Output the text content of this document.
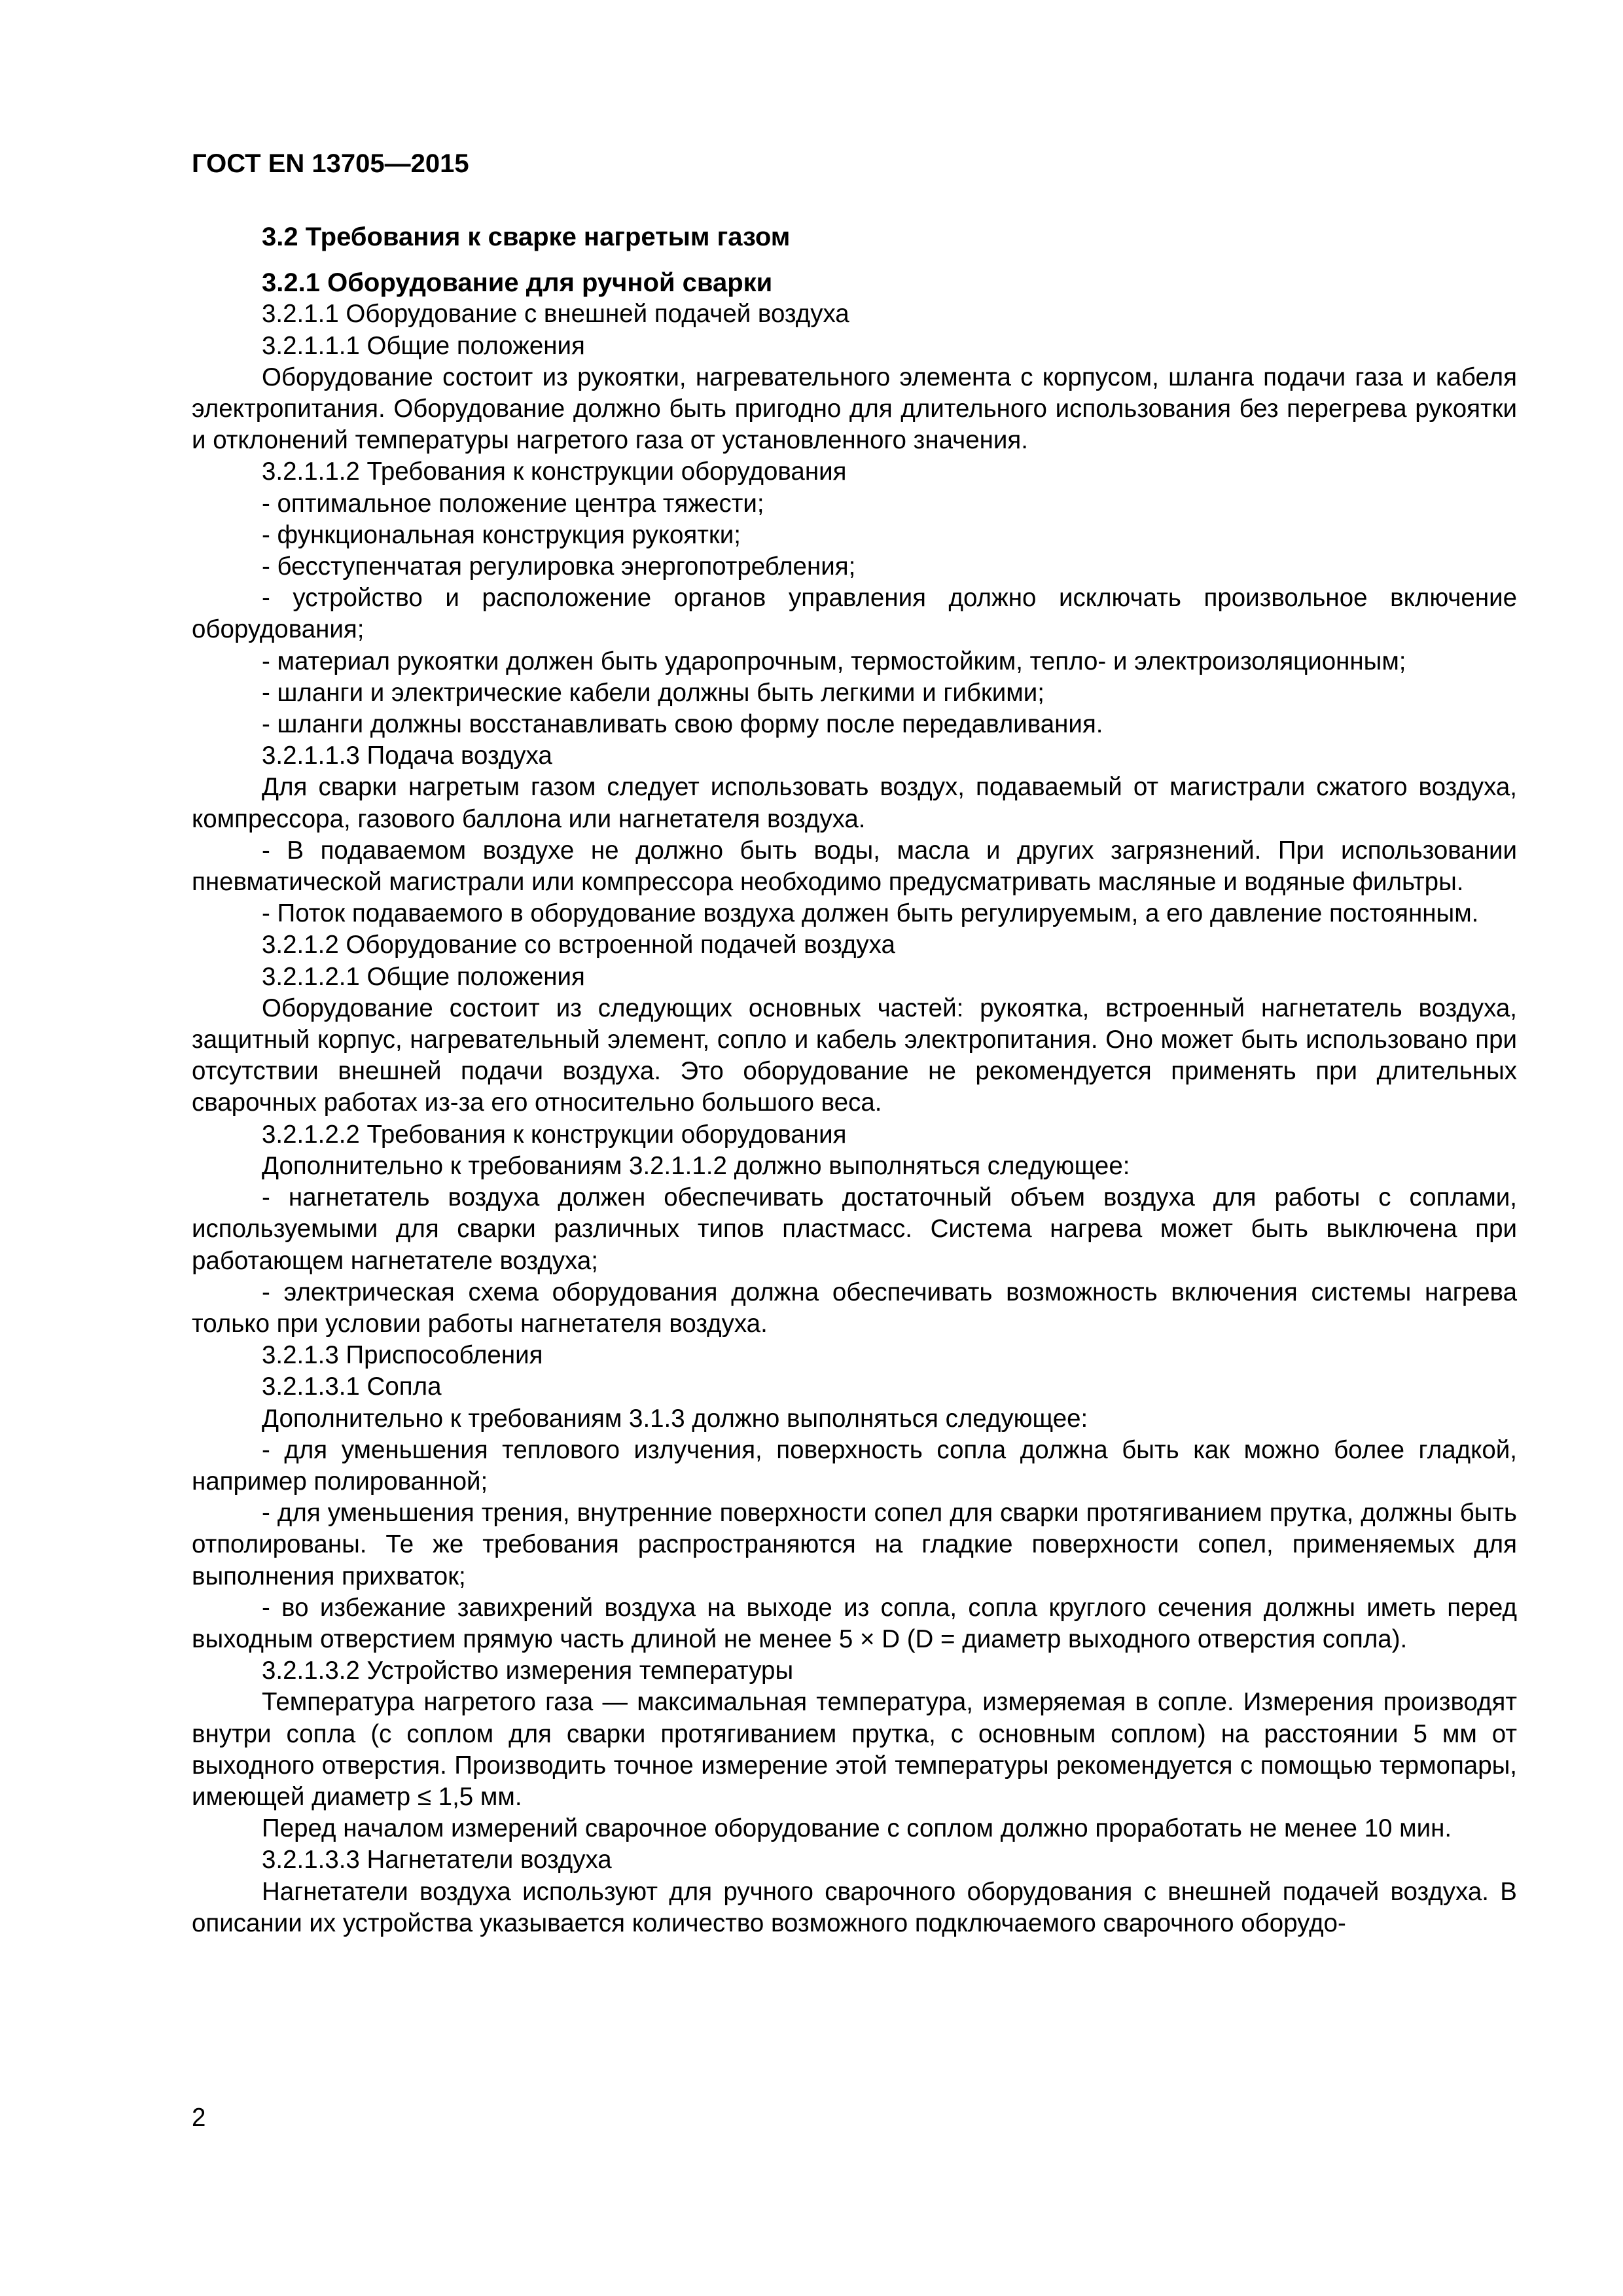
ГОСТ EN 13705—2015

3.2 Требования к сварке нагретым газом

3.2.1 Оборудование для ручной сварки

3.2.1.1 Оборудование с внешней подачей воздуха

3.2.1.1.1 Общие положения

Оборудование состоит из рукоятки, нагревательного элемента с корпусом, шланга подачи газа и кабеля электропитания. Оборудование должно быть пригодно для длительного использования без перегрева рукоятки и отклонений температуры нагретого газа от установленного значения.

3.2.1.1.2 Требования к конструкции оборудования

- оптимальное положение центра тяжести;

- функциональная конструкция рукоятки;

- бесступенчатая регулировка энергопотребления;

- устройство и расположение органов управления должно исключать произвольное включение оборудования;

- материал рукоятки должен быть ударопрочным, термостойким, тепло- и электроизоляционным;

- шланги и электрические кабели должны быть легкими и гибкими;

- шланги должны восстанавливать свою форму после передавливания.

3.2.1.1.3 Подача воздуха

Для сварки нагретым газом следует использовать воздух, подаваемый от магистрали сжатого воздуха, компрессора, газового баллона или нагнетателя воздуха.

- В подаваемом воздухе не должно быть воды, масла и других загрязнений. При использовании пневматической магистрали или компрессора необходимо предусматривать масляные и водяные фильтры.

- Поток подаваемого в оборудование воздуха должен быть регулируемым, а его давление постоянным.

3.2.1.2 Оборудование со встроенной подачей воздуха

3.2.1.2.1 Общие положения

Оборудование состоит из следующих основных частей: рукоятка, встроенный нагнетатель воздуха, защитный корпус, нагревательный элемент, сопло и кабель электропитания. Оно может быть использовано при отсутствии внешней подачи воздуха. Это оборудование не рекомендуется применять при длительных сварочных работах из-за его относительно большого веса.

3.2.1.2.2 Требования к конструкции оборудования

Дополнительно к требованиям 3.2.1.1.2 должно выполняться следующее:

- нагнетатель воздуха должен обеспечивать достаточный объем воздуха для работы с соплами, используемыми для сварки различных типов пластмасс. Система нагрева может быть выключена при работающем нагнетателе воздуха;

- электрическая схема оборудования должна обеспечивать возможность включения системы нагрева только при условии работы нагнетателя воздуха.

3.2.1.3 Приспособления

3.2.1.3.1 Сопла

Дополнительно к требованиям 3.1.3 должно выполняться следующее:

- для уменьшения теплового излучения, поверхность сопла должна быть как можно более гладкой, например полированной;

- для уменьшения трения, внутренние поверхности сопел для сварки протягиванием прутка, должны быть отполированы. Те же требования распространяются на гладкие поверхности сопел, применяемых для выполнения прихваток;

- во избежание завихрений воздуха на выходе из сопла, сопла круглого сечения должны иметь перед выходным отверстием прямую часть длиной не менее 5 × D (D = диаметр выходного отверстия сопла).

3.2.1.3.2 Устройство измерения температуры

Температура нагретого газа — максимальная температура, измеряемая в сопле. Измерения производят внутри сопла (с соплом для сварки протягиванием прутка, с основным соплом) на расстоянии 5 мм от выходного отверстия. Производить точное измерение этой температуры рекомендуется с помощью термопары, имеющей диаметр ≤ 1,5 мм.

Перед началом измерений сварочное оборудование с соплом должно проработать не менее 10 мин.

3.2.1.3.3 Нагнетатели воздуха

Нагнетатели воздуха используют для ручного сварочного оборудования с внешней подачей воздуха. В описании их устройства указывается количество возможного подключаемого сварочного оборудо-

2
